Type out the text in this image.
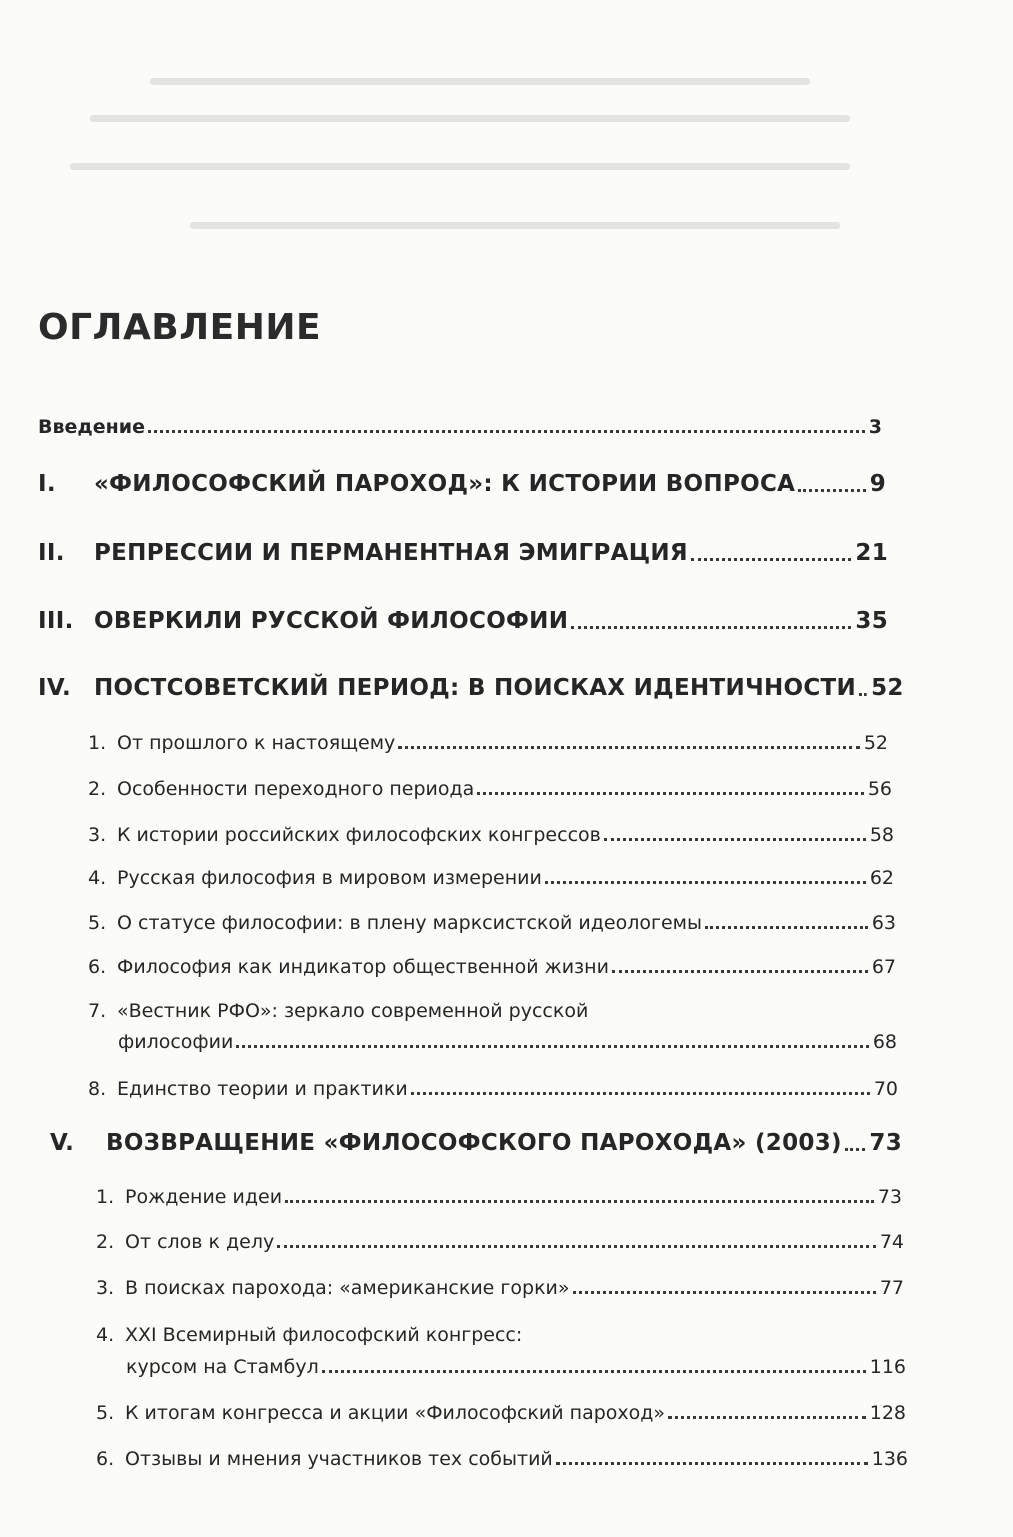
ОГЛАВЛЕНИЕ
Введение	3
I.	«ФИЛОСОФСКИЙ ПАРОХОД»: К ИСТОРИИ ВОПРОСА	9
II.	РЕПРЕССИИ И ПЕРМАНЕНТНАЯ ЭМИГРАЦИЯ	21
III. ОВЕРКИЛИ РУССКОЙ ФИЛОСОФИИ	35
IV. ПОСТСОВЕТСКИЙ ПЕРИОД: В ПОИСКАХ ИДЕНТИЧНОСТИ 52
1. От прошлого к настоящему	52
2. Особенности переходного периода	56
3. К истории российских философских конгрессов	58
4. Русская философия в мировом измерении	62
5. О статусе философии: в плену марксистской идеологемы	63
6. Философия как индикатор общественной жизни	67
7. «Вестник РФО»: зеркало современной русской
философии	68
8. Единство теории и практики	70
V.	ВОЗВРАЩЕНИЕ «ФИЛОСОФСКОГО ПАРОХОДА» (2003) 73
1. Рождение идеи	73
2. От слов к делу	74
3. В поисках парохода: «американские горки»	77
4. XXI Всемирный философский конгресс:
курсом на Стамбул	116
5. К итогам конгресса и акции «Философский пароход»	128
6. Отзывы и мнения участников тех событий	136
